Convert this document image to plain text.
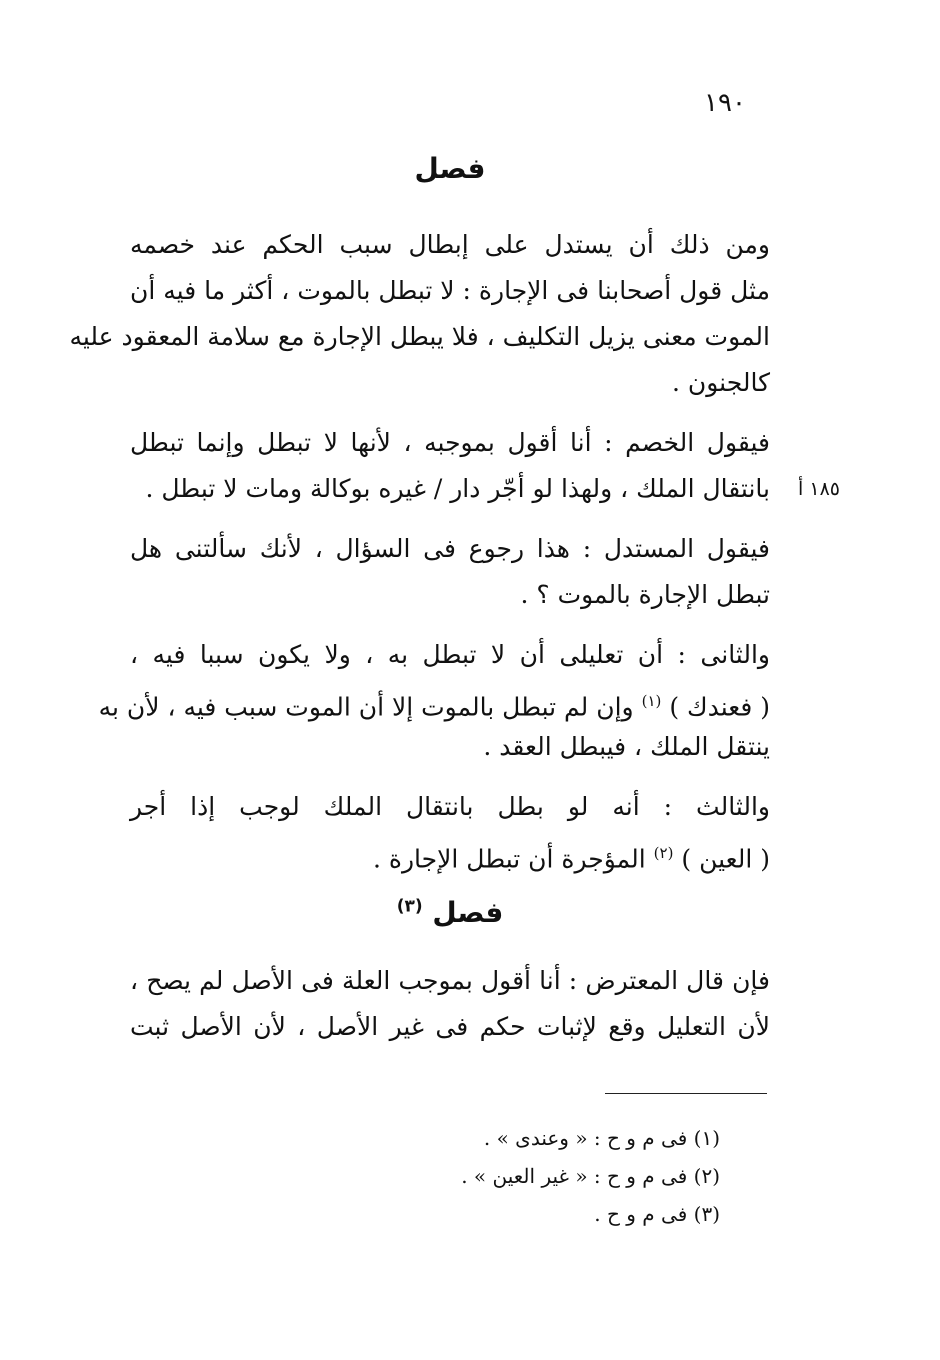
١٩٠
فصل
ومن ذلك أن يستدل على إبطال سبب الحكم عند خصمه
مثل قول أصحابنا فى الإجارة : لا تبطل بالموت ، أكثر ما فيه أن
الموت معنى يزيل التكليف ، فلا يبطل الإجارة مع سلامة المعقود عليه
كالجنون .
فيقول الخصم : أنا أقول بموجبه ، لأنها لا تبطل وإنما تبطل
بانتقال الملك ، ولهذا لو أجّر دار / غيره بوكالة ومات لا تبطل .	١٨٥ أ
فيقول المستدل : هذا رجوع فى السؤال ، لأنك سألتنى هل
تبطل الإجارة بالموت ؟ .
والثانى : أن تعليلى أن لا تبطل به ، ولا يكون سببا فيه ،
( فعندك ) $^{(١)}$ وإن لم تبطل بالموت إلا أن الموت سبب فيه ، لأن به
ينتقل الملك ، فيبطل العقد .
والثالث : أنه لو بطل بانتقال الملك لوجب إذا أجر
( العين ) $^{(٢)}$ المؤجرة أن تبطل الإجارة .
فصل $^{(٣)}$
فإن قال المعترض : أنا أقول بموجب العلة فى الأصل لم يصح ،
لأن التعليل وقع لإثبات حكم فى غير الأصل ، لأن الأصل ثبت
(١) فى م و ح : « وعندى » .
(٢) فى م و ح : « غير العين » .
(٣) فى م و ح .
